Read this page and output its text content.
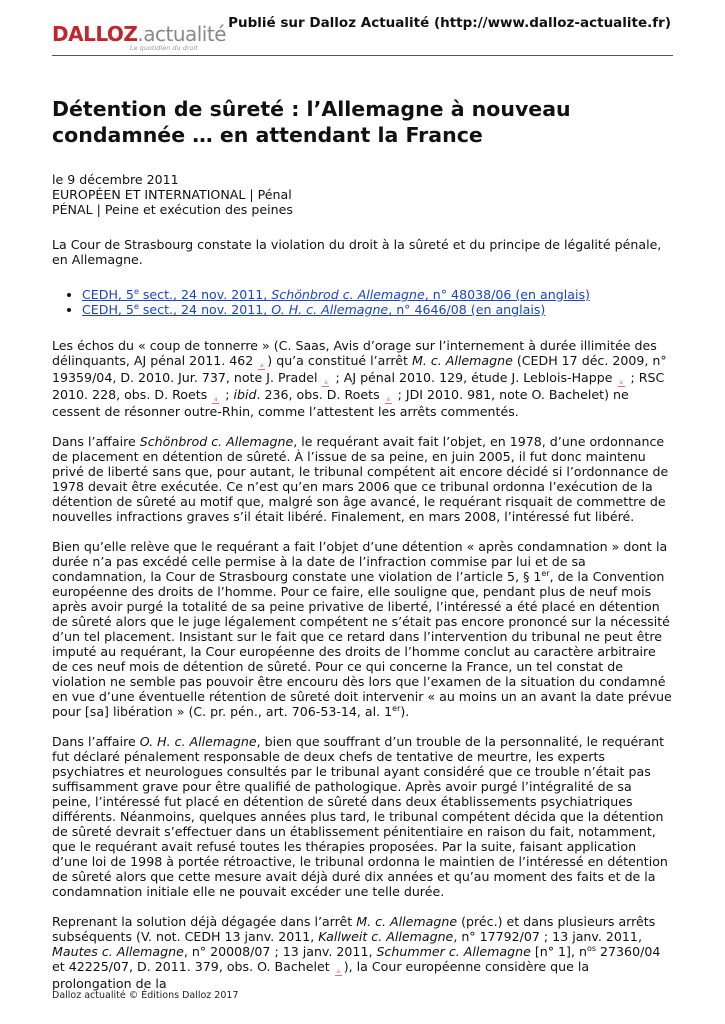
DALLOZ.actualité
Le quotidien du droit
Publié sur Dalloz Actualité (http://www.dalloz-actualite.fr)
Détention de sûreté : l’Allemagne à nouveau condamnée … en attendant la France
le 9 décembre 2011
EUROPÉEN ET INTERNATIONAL | Pénal
PÉNAL | Peine et exécution des peines

La Cour de Strasbourg constate la violation du droit à la sûreté et du principe de légalité pénale, en Allemagne.

• CEDH, 5e sect., 24 nov. 2011, Schönbrod c. Allemagne, n° 48038/06 (en anglais)
• CEDH, 5e sect., 24 nov. 2011, O. H. c. Allemagne, n° 4646/08 (en anglais)

Les échos du « coup de tonnerre » (C. Saas, Avis d’orage sur l’internement à durée illimitée des délinquants, AJ pénal 2011. 462 a ) qu’a constitué l’arrêt M. c. Allemagne (CEDH 17 déc. 2009, n° 19359/04, D. 2010. Jur. 737, note J. Pradel a ; AJ pénal 2010. 129, étude J. Leblois-Happe a ; RSC 2010. 228, obs. D. Roets a ; ibid. 236, obs. D. Roets a ; JDI 2010. 981, note O. Bachelet) ne cessent de résonner outre-Rhin, comme l’attestent les arrêts commentés.

Dans l’affaire Schönbrod c. Allemagne, le requérant avait fait l’objet, en 1978, d’une ordonnance de placement en détention de sûreté. À l’issue de sa peine, en juin 2005, il fut donc maintenu privé de liberté sans que, pour autant, le tribunal compétent ait encore décidé si l’ordonnance de 1978 devait être exécutée. Ce n’est qu’en mars 2006 que ce tribunal ordonna l’exécution de la détention de sûreté au motif que, malgré son âge avancé, le requérant risquait de commettre de nouvelles infractions graves s’il était libéré. Finalement, en mars 2008, l’intéressé fut libéré.

Bien qu’elle relève que le requérant a fait l’objet d’une détention « après condamnation » dont la durée n’a pas excédé celle permise à la date de l’infraction commise par lui et de sa condamnation, la Cour de Strasbourg constate une violation de l’article 5, § 1er, de la Convention européenne des droits de l’homme. Pour ce faire, elle souligne que, pendant plus de neuf mois après avoir purgé la totalité de sa peine privative de liberté, l’intéressé a été placé en détention de sûreté alors que le juge légalement compétent ne s’était pas encore prononcé sur la nécessité d’un tel placement. Insistant sur le fait que ce retard dans l’intervention du tribunal ne peut être imputé au requérant, la Cour européenne des droits de l’homme conclut au caractère arbitraire de ces neuf mois de détention de sûreté. Pour ce qui concerne la France, un tel constat de violation ne semble pas pouvoir être encouru dès lors que l’examen de la situation du condamné en vue d’une éventuelle rétention de sûreté doit intervenir « au moins un an avant la date prévue pour [sa] libération » (C. pr. pén., art. 706-53-14, al. 1er).

Dans l’affaire O. H. c. Allemagne, bien que souffrant d’un trouble de la personnalité, le requérant fut déclaré pénalement responsable de deux chefs de tentative de meurtre, les experts psychiatres et neurologues consultés par le tribunal ayant considéré que ce trouble n’était pas suffisamment grave pour être qualifié de pathologique. Après avoir purgé l’intégralité de sa peine, l’intéressé fut placé en détention de sûreté dans deux établissements psychiatriques différents. Néanmoins, quelques années plus tard, le tribunal compétent décida que la détention de sûreté devrait s’effectuer dans un établissement pénitentiaire en raison du fait, notamment, que le requérant avait refusé toutes les thérapies proposées. Par la suite, faisant application d’une loi de 1998 à portée rétroactive, le tribunal ordonna le maintien de l’intéressé en détention de sûreté alors que cette mesure avait déjà duré dix années et qu’au moment des faits et de la condamnation initiale elle ne pouvait excéder une telle durée.

Reprenant la solution déjà dégagée dans l’arrêt M. c. Allemagne (préc.) et dans plusieurs arrêts subséquents (V. not. CEDH 13 janv. 2011, Kallweit c. Allemagne, n° 17792/07 ; 13 janv. 2011, Mautes c. Allemagne, n° 20008/07 ; 13 janv. 2011, Schummer c. Allemagne [n° 1], $n^{os}$ 27360/04 et 42225/07, D. 2011. 379, obs. O. Bachelet a ), la Cour européenne considère que la prolongation de la

Dalloz actualité © Éditions Dalloz 2017
